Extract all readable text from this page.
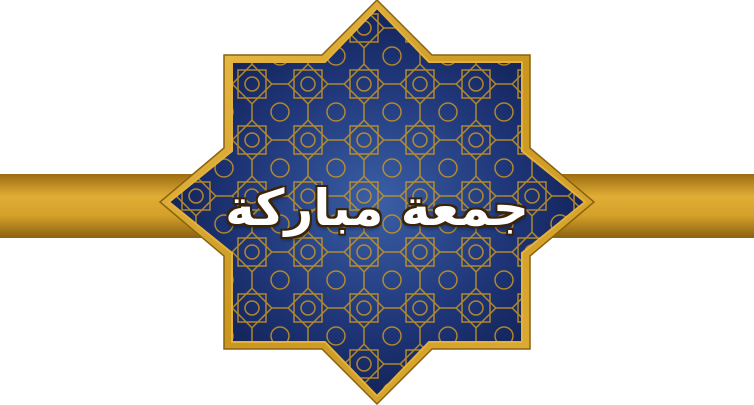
جمعة مباركة
